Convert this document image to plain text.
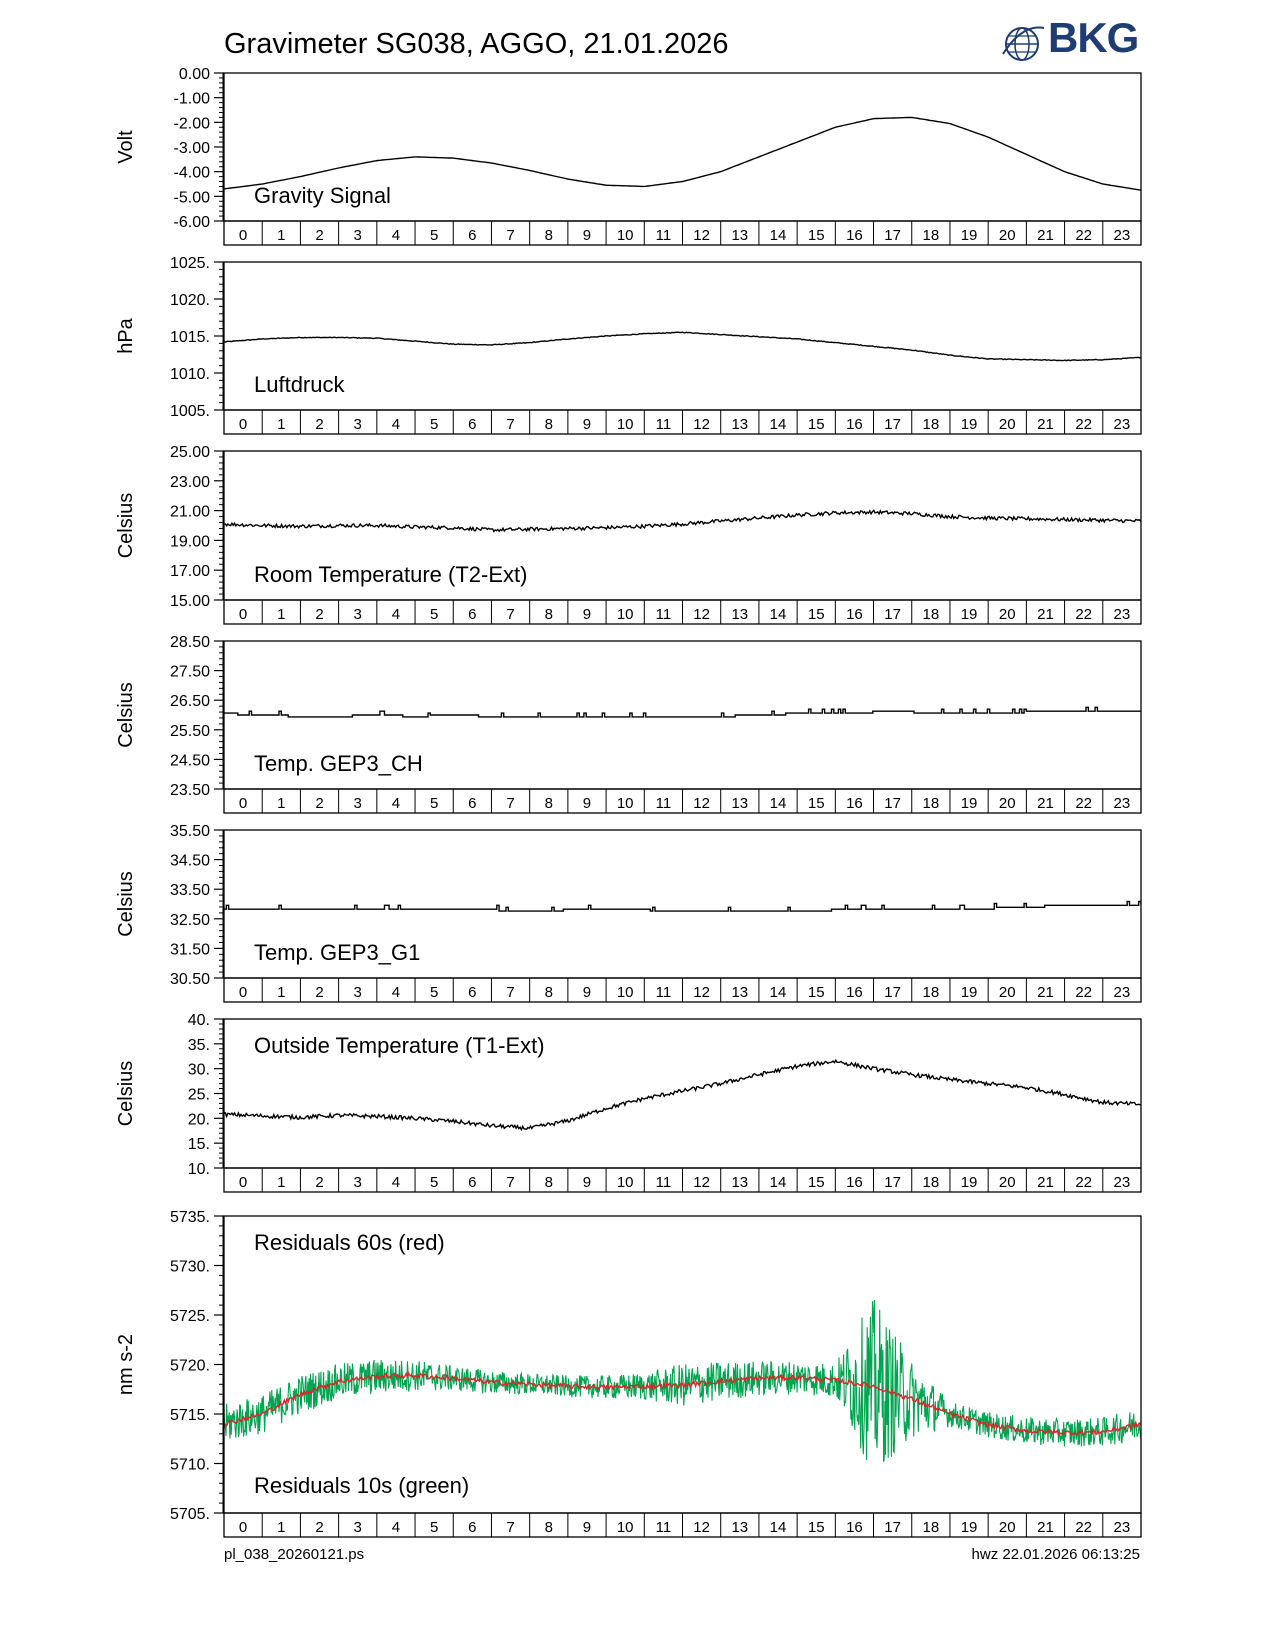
Gravimeter SG038, AGGO, 21.01.2026	BKG
0 1 2 3 4 5 6 7 8 9 10 11 12 13 14 15 16 17 18 19 20 21 22 23
0.00
-1.00
-2.00
-3.00
-4.00
-5.00
-6.00
Volt
Gravity Signal
0 1 2 3 4 5 6 7 8 9 10 11 12 13 14 15 16 17 18 19 20 21 22 23
1025.
1020.
1015.
1010.
1005.
hPa
Luftdruck
0 1 2 3 4 5 6 7 8 9 10 11 12 13 14 15 16 17 18 19 20 21 22 23
25.00
23.00
21.00
19.00
17.00
15.00
Celsius
Room Temperature (T2-Ext)
0 1 2 3 4 5 6 7 8 9 10 11 12 13 14 15 16 17 18 19 20 21 22 23
28.50
27.50
26.50
25.50
24.50
23.50
Celsius
Temp. GEP3_CH
0 1 2 3 4 5 6 7 8 9 10 11 12 13 14 15 16 17 18 19 20 21 22 23
35.50
34.50
33.50
32.50
31.50
30.50
Celsius
Temp. GEP3_G1
0 1 2 3 4 5 6 7 8 9 10 11 12 13 14 15 16 17 18 19 20 21 22 23
40.
35.
30.
25.
20.
15.
10.
Celsius
Outside Temperature (T1-Ext)
0 1 2 3 4 5 6 7 8 9 10 11 12 13 14 15 16 17 18 19 20 21 22 23
5735.
5730.
5725.
5720.
5715.
5710.
5705.
nm s-2
Residuals 60s (red)
Residuals 10s (green)
pl_038_20260121.ps	hwz 22.01.2026 06:13:25
